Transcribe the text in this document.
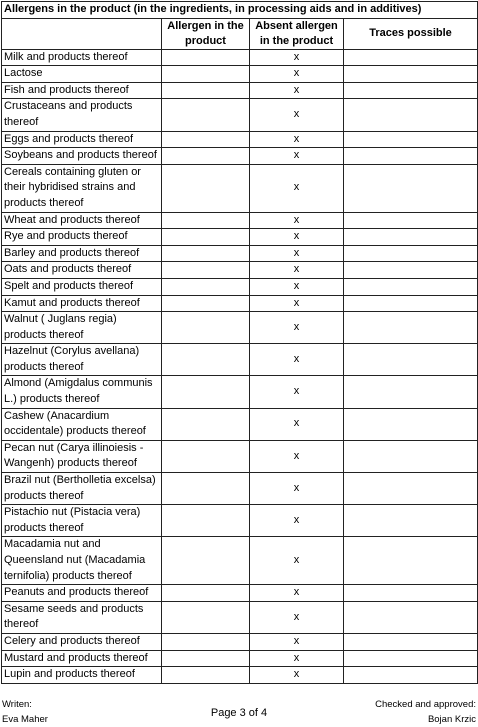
Allergens in the product (in the ingredients, in processing aids and in additives)			
	Allergen in the product	Absent allergen in the product	Traces possible
Milk and products thereof		x	
Lactose		x	
Fish and products thereof		x	
Crustaceans and products thereof		x	
Eggs and products thereof		x	
Soybeans and products thereof		x	
Cereals containing gluten or their hybridised strains and products thereof		x	
Wheat and products thereof		x	
Rye and products thereof		x	
Barley and products thereof		x	
Oats and products thereof		x	
Spelt and products thereof		x	
Kamut and products thereof		x	
Walnut ( Juglans regia) products thereof		x	
Hazelnut (Corylus avellana) products thereof		x	
Almond (Amigdalus communis L.) products thereof		x	
Cashew (Anacardium occidentale) products thereof		x	
Pecan nut (Carya illinoiesis - Wangenh) products thereof		x	
Brazil nut (Bertholletia excelsa) products thereof		x	
Pistachio nut (Pistacia vera) products thereof		x	
Macadamia nut and Queensland nut (Macadamia ternifolia) products thereof		x	
Peanuts and products thereof		x	
Sesame seeds and products thereof		x	
Celery and products thereof		x	
Mustard and products thereof		x	
Lupin and products thereof		x	
Writen:
Eva Maher
Page 3 of 4
Checked and approved:
Bojan Krzic
